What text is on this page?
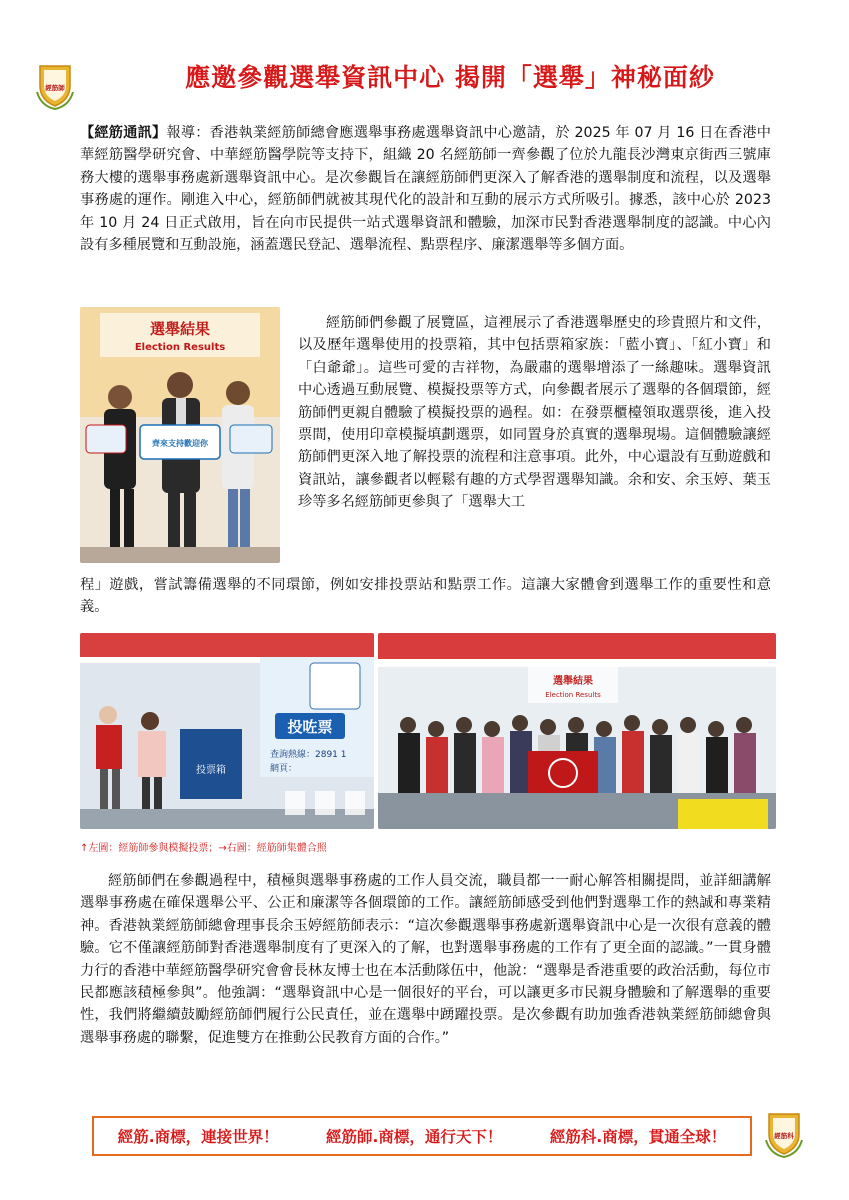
經筋師	應邀參觀選舉資訊中心 揭開「選舉」神秘面紗

【經筋通訊】報導：香港執業經筋師總會應選舉事務處選舉資訊中心邀請，於 2025 年 07 月 16 日在香港中華經筋醫學研究會、中華經筋醫學院等支持下，組織 20 名經筋師一齊參觀了位於九龍長沙灣東京街西三號庫務大樓的選舉事務處新選舉資訊中心。是次參觀旨在讓經筋師們更深入了解香港的選舉制度和流程，以及選舉事務處的運作。剛進入中心，經筋師們就被其現代化的設計和互動的展示方式所吸引。據悉，該中心於 2023 年 10 月 24 日正式啟用，旨在向市民提供一站式選舉資訊和體驗，加深市民對香港選舉制度的認識。中心內設有多種展覽和互動設施，涵蓋選民登記、選舉流程、點票程序、廉潔選舉等多個方面。

選舉結果
Election Results
齊來支持歡迎你

經筋師們參觀了展覽區，這裡展示了香港選舉歷史的珍貴照片和文件，以及歷年選舉使用的投票箱，其中包括票箱家族：「藍小寶」、「紅小寶」和「白爺爺」。這些可愛的吉祥物，為嚴肅的選舉增添了一絲趣味。選舉資訊中心透過互動展覽、模擬投票等方式，向參觀者展示了選舉的各個環節，經筋師們更親自體驗了模擬投票的過程。如：在發票櫃檯領取選票後，進入投票間，使用印章模擬填劃選票，如同置身於真實的選舉現場。這個體驗讓經筋師們更深入地了解投票的流程和注意事項。此外，中心還設有互動遊戲和資訊站，讓參觀者以輕鬆有趣的方式學習選舉知識。余和安、余玉婷、葉玉珍等多名經筋師更參與了「選舉大工

程」遊戲，嘗試籌備選舉的不同環節，例如安排投票站和點票工作。這讓大家體會到選舉工作的重要性和意義。

投咗票
查詢熱線：2891 1
網頁：
投票箱
選舉結果
Election Results
↑左圖：經筋師參與模擬投票；→右圖：經筋師集體合照

經筋師們在參觀過程中，積極與選舉事務處的工作人員交流，職員都一一耐心解答相關提問，並詳細講解選舉事務處在確保選舉公平、公正和廉潔等各個環節的工作。讓經筋師感受到他們對選舉工作的熱誠和專業精神。香港執業經筋師總會理事長余玉婷經筋師表示：“這次參觀選舉事務處新選舉資訊中心是一次很有意義的體驗。它不僅讓經筋師對香港選舉制度有了更深入的了解，也對選舉事務處的工作有了更全面的認識。”一貫身體力行的香港中華經筋醫學研究會會長林友博士也在本活動隊伍中，他說：“選舉是香港重要的政治活動，每位市民都應該積極參與”。他強調：“選舉資訊中心是一個很好的平台，可以讓更多市民親身體驗和了解選舉的重要性，我們將繼續鼓勵經筋師們履行公民責任，並在選舉中踴躍投票。是次參觀有助加強香港執業經筋師總會與選舉事務處的聯繫，促進雙方在推動公民教育方面的合作。”

經筋.商標，連接世界！	經筋師.商標，通行天下！	經筋科.商標，貫通全球！	經筋科
